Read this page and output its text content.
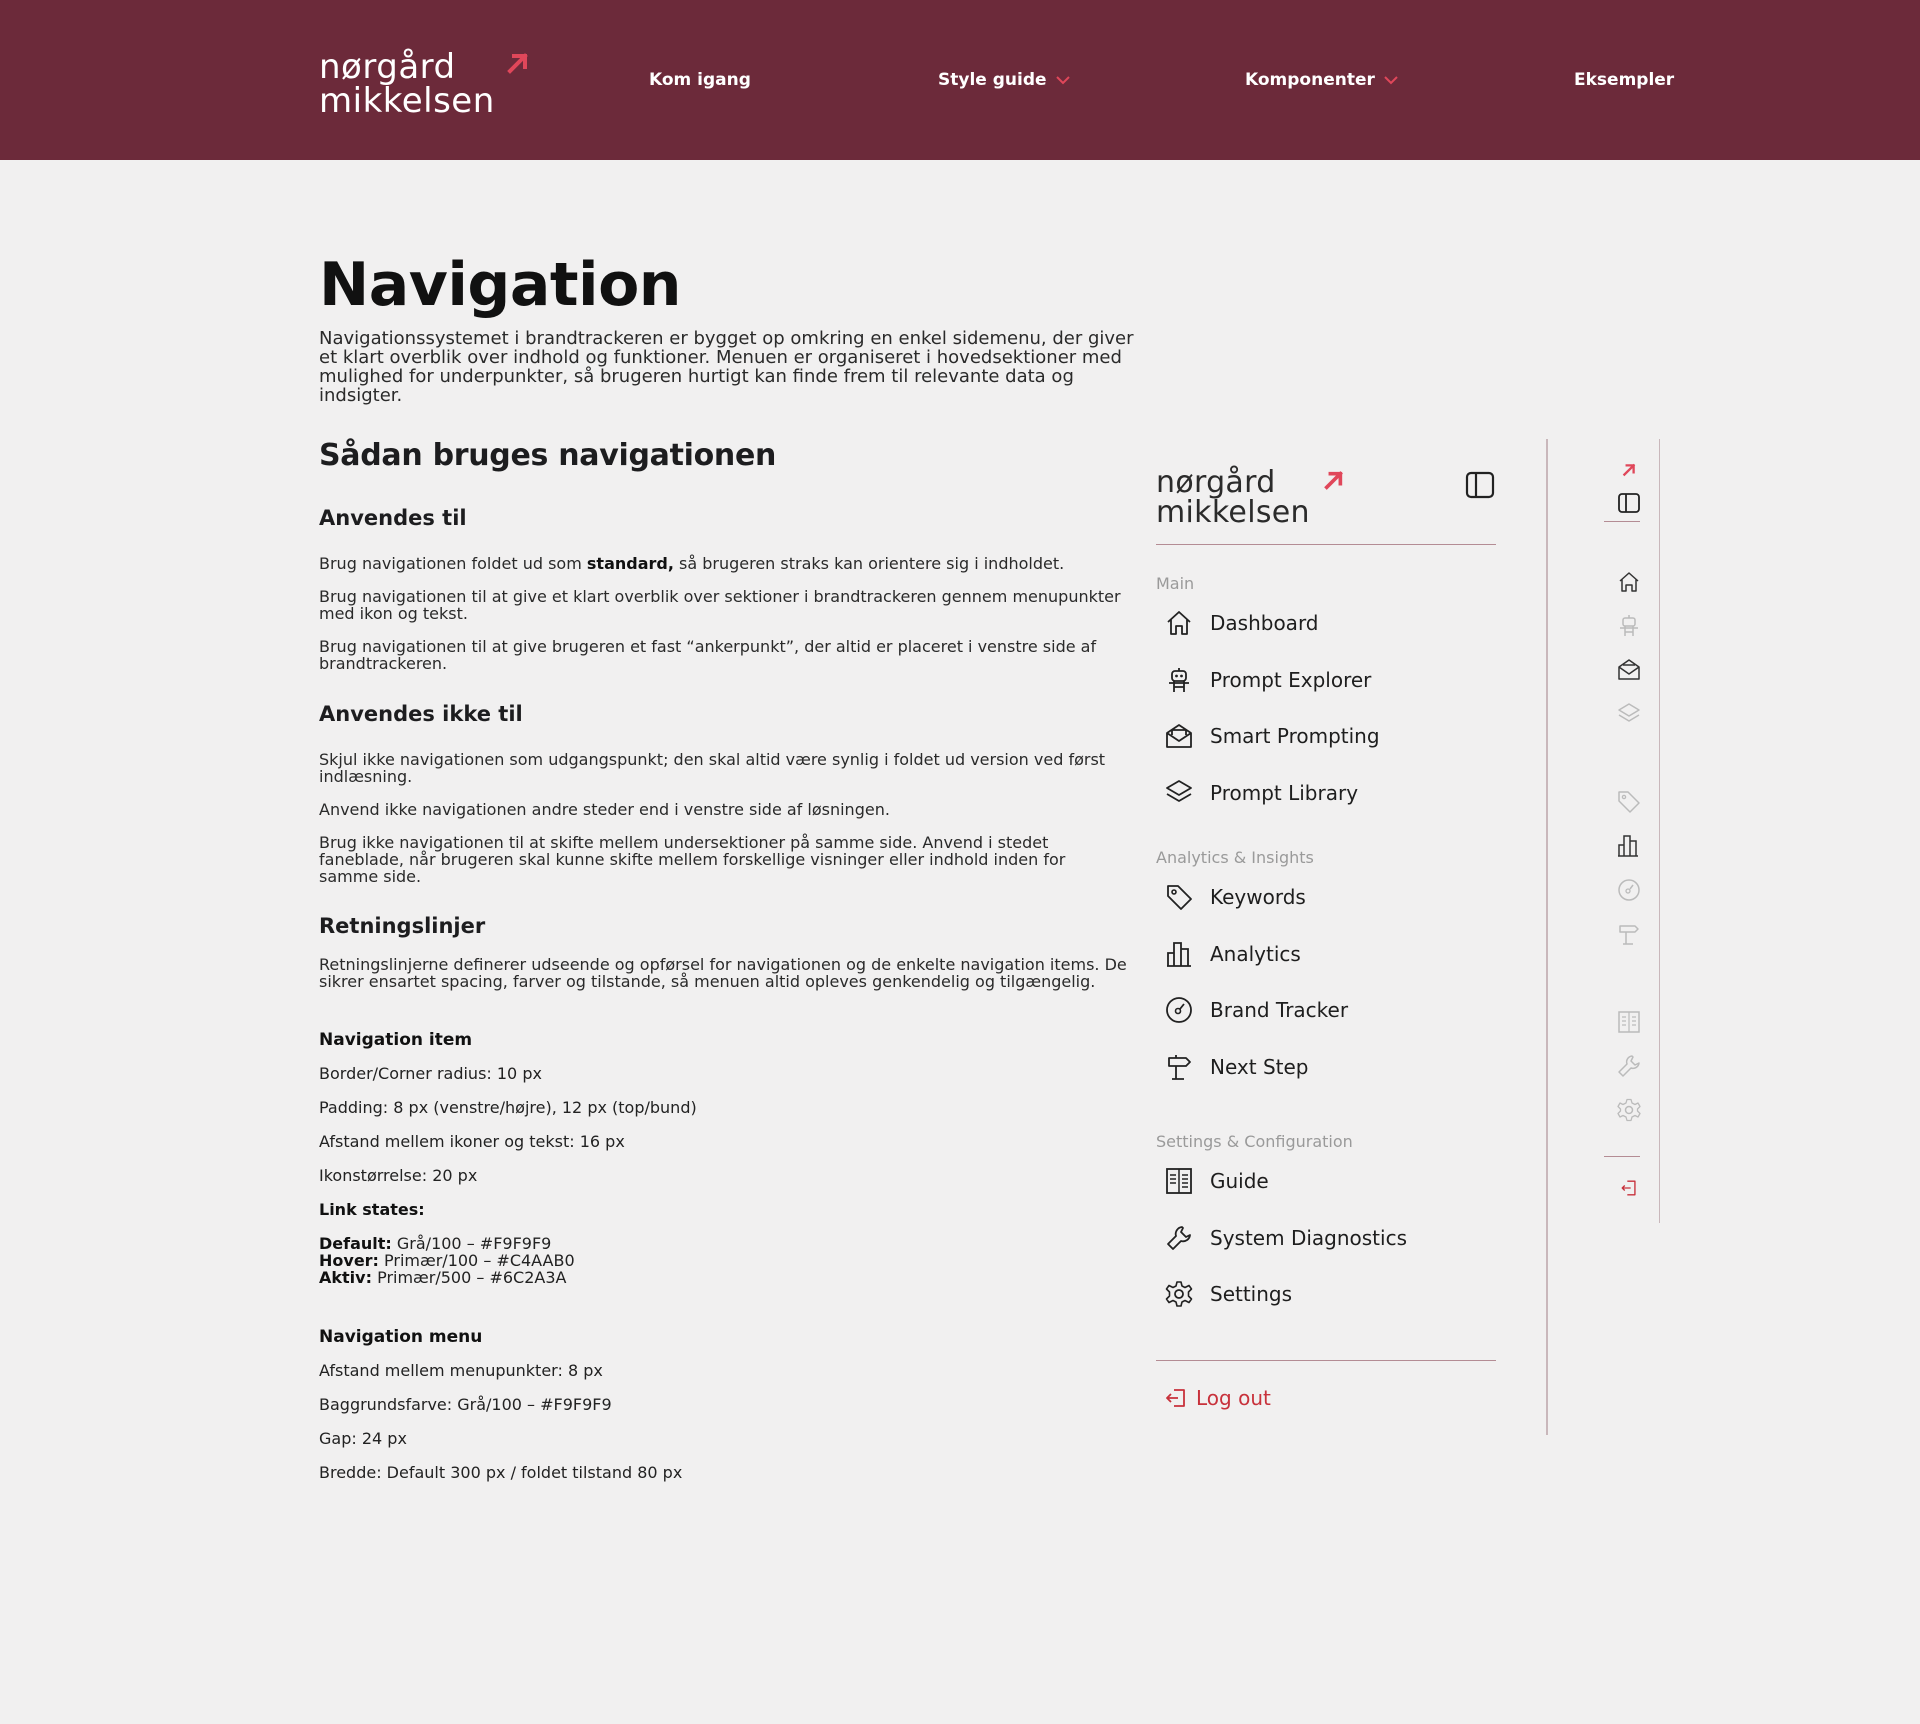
nørgård
mikkelsen
Kom igang	Style guide	Komponenter	Eksempler
Navigation

Navigationssystemet i brandtrackeren er bygget op omkring en enkel sidemenu, der giver et klart overblik over indhold og funktioner. Menuen er organiseret i hovedsektioner med mulighed for underpunkter, så brugeren hurtigt kan finde frem til relevante data og indsigter.

Sådan bruges navigationen
Anvendes til

Brug navigationen foldet ud som standard, så brugeren straks kan orientere sig i indholdet.

Brug navigationen til at give et klart overblik over sektioner i brandtrackeren gennem menupunkter med ikon og tekst.

Brug navigationen til at give brugeren et fast “ankerpunkt”, der altid er placeret i venstre side af brandtrackeren.

Anvendes ikke til

Skjul ikke navigationen som udgangspunkt; den skal altid være synlig i foldet ud version ved først indlæsning.

Anvend ikke navigationen andre steder end i venstre side af løsningen.

Brug ikke navigationen til at skifte mellem undersektioner på samme side. Anvend i stedet faneblade, når brugeren skal kunne skifte mellem forskellige visninger eller indhold inden for samme side.

Retningslinjer

Retningslinjerne definerer udseende og opførsel for navigationen og de enkelte navigation items. De sikrer ensartet spacing, farver og tilstande, så menuen altid opleves genkendelig og tilgængelig.

Navigation item
Border/Corner radius: 10 px
Padding: 8 px (venstre/højre), 12 px (top/bund)
Afstand mellem ikoner og tekst: 16 px
Ikonstørrelse: 20 px
Link states:
Default: Grå/100 – #F9F9F9
Hover: Primær/100 – #C4AAB0
Aktiv: Primær/500 – #6C2A3A
Navigation menu
Afstand mellem menupunkter: 8 px
Baggrundsfarve: Grå/100 – #F9F9F9
Gap: 24 px
Bredde: Default 300 px / foldet tilstand 80 px
nørgård
mikkelsen
Main
Dashboard
Prompt Explorer
Smart Prompting
Prompt Library
Analytics & Insights
Keywords
Analytics
Brand Tracker
Next Step
Settings & Configuration
Guide
System Diagnostics
Settings
Log out
